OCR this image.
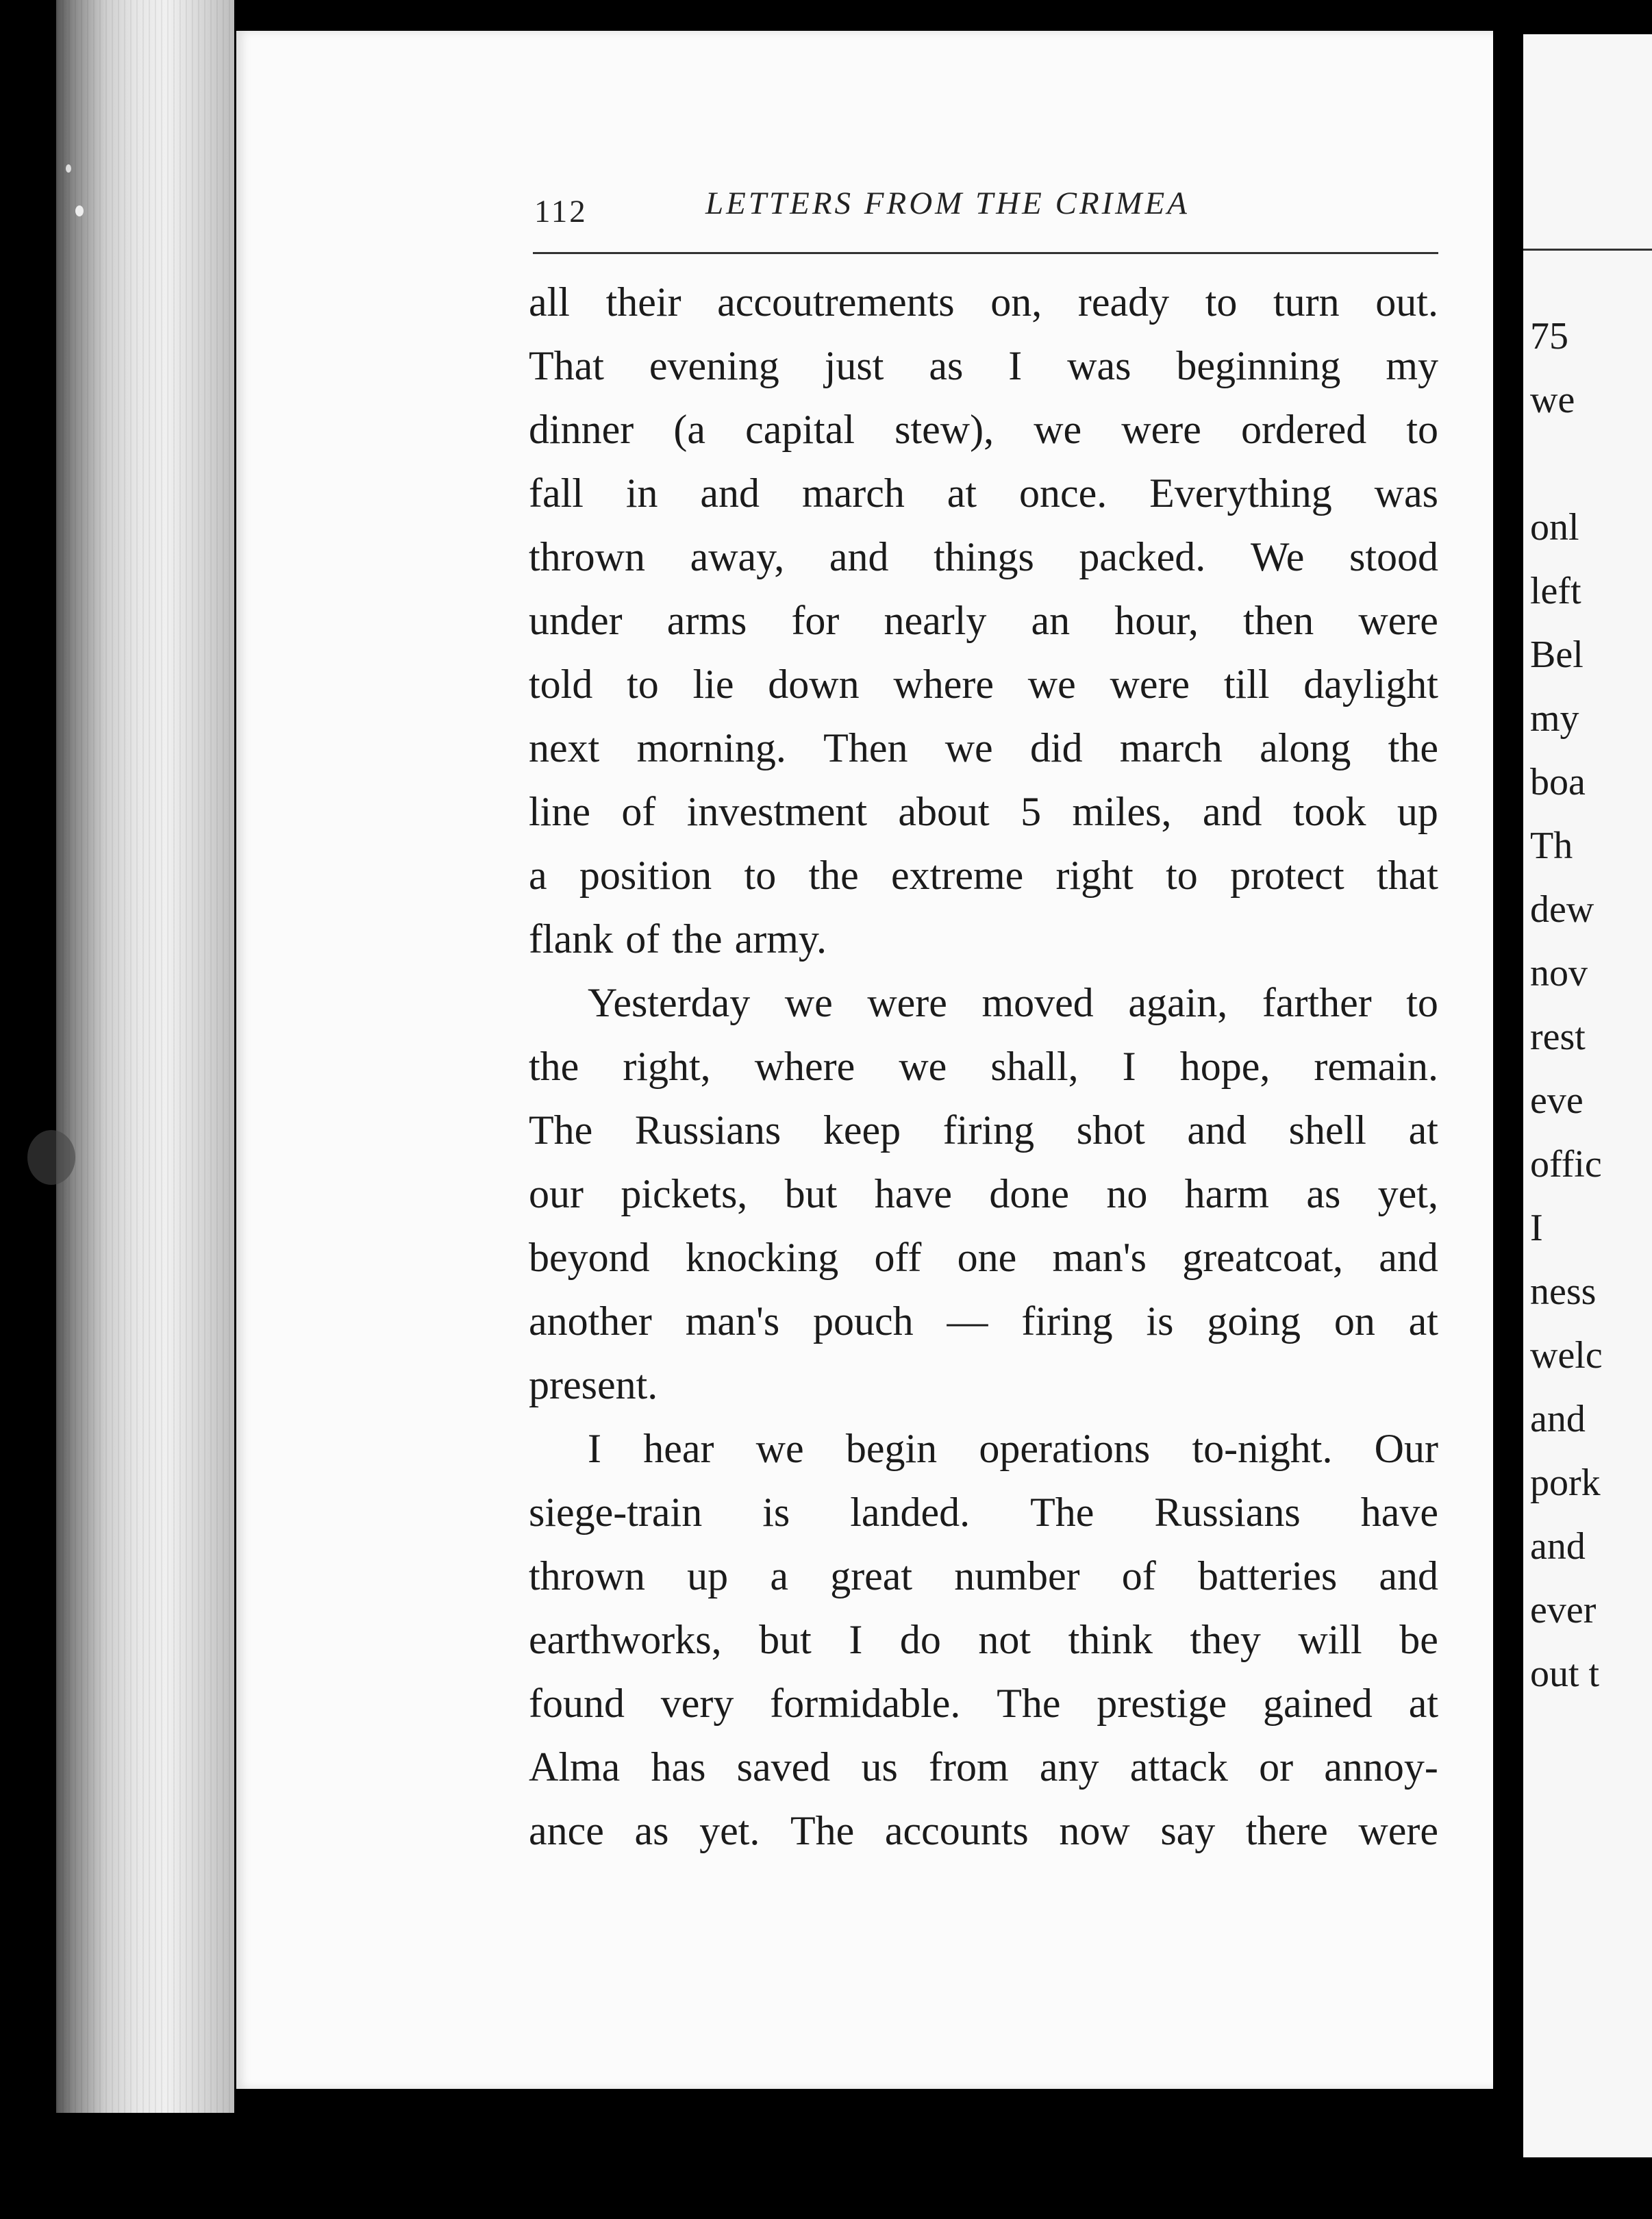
112	LETTERS FROM THE CRIMEA
all their accoutrements on, ready to turn out.
That evening just as I was beginning my
dinner (a capital stew), we were ordered to
fall in and march at once. Everything was
thrown away, and things packed. We stood
under arms for nearly an hour, then were
told to lie down where we were till daylight
next morning. Then we did march along the
line of investment about 5 miles, and took up
a position to the extreme right to protect that
flank of the army.
Yesterday we were moved again, farther to
the right, where we shall, I hope, remain.
The Russians keep firing shot and shell at
our pickets, but have done no harm as yet,
beyond knocking off one man's greatcoat, and
another man's pouch — firing is going on at
present.
I hear we begin operations to-night. Our
siege-train is landed. The Russians have
thrown up a great number of batteries and
earthworks, but I do not think they will be
found very formidable. The prestige gained at
Alma has saved us from any attack or annoy-
ance as yet. The accounts now say there were
75
we
onl
left
Bel
my
boa
Th
dew
nov
rest
eve
offic
I
ness
welc
and
pork
and
ever
out t
